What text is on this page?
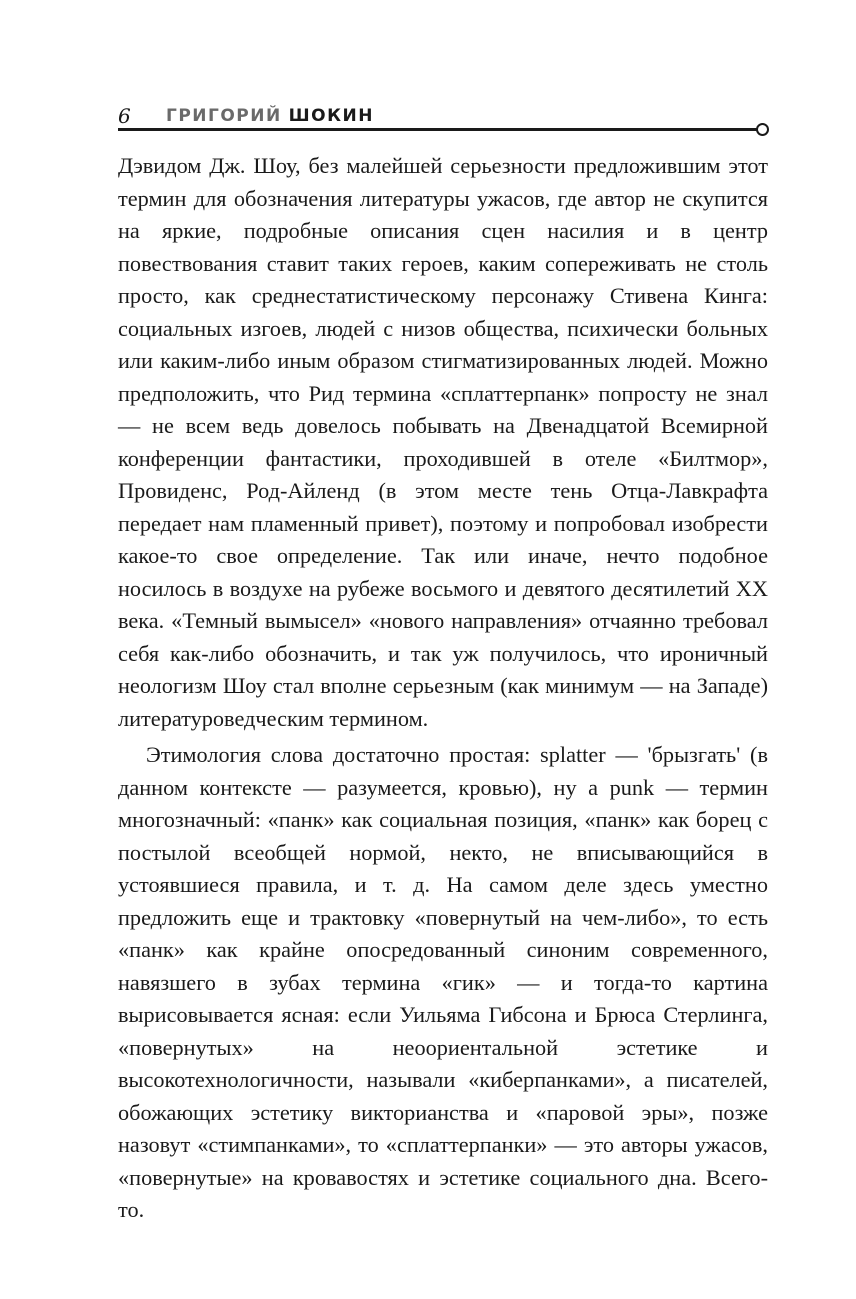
6 ГРИГОРИЙ ШОКИН

Дэвидом Дж. Шоу, без малейшей серьезности предложившим этот термин для обозначения литературы ужасов, где автор не скупится на яркие, подробные описания сцен насилия и в центр повествования ставит таких героев, каким сопереживать не столь просто, как среднестатистическому персонажу Стивена Кинга: социальных изгоев, людей с низов общества, психически больных или каким-либо иным образом стигматизированных людей. Можно предположить, что Рид термина «сплаттерпанк» попросту не знал — не всем ведь довелось побывать на Двенадцатой Всемирной конференции фантастики, проходившей в отеле «Билтмор», Провиденс, Род-Айленд (в этом месте тень Отца-Лавкрафта передает нам пламенный привет), поэтому и попробовал изобрести какое-то свое определение. Так или иначе, нечто подобное носилось в воздухе на рубеже восьмого и девятого десятилетий XX века. «Темный вымысел» «нового направления» отчаянно требовал себя как-либо обозначить, и так уж получилось, что ироничный неологизм Шоу стал вполне серьезным (как минимум — на Западе) литературоведческим термином.

Этимология слова достаточно простая: splatter — 'брызгать' (в данном контексте — разумеется, кровью), ну а punk — термин многозначный: «панк» как социальная позиция, «панк» как борец с постылой всеобщей нормой, некто, не вписывающийся в устоявшиеся правила, и т. д. На самом деле здесь уместно предложить еще и трактовку «повернутый на чем-либо», то есть «панк» как крайне опосредованный синоним современного, навязшего в зубах термина «гик» — и тогда-то картина вырисовывается ясная: если Уильяма Гибсона и Брюса Стерлинга, «повернутых» на неоориентальной эстетике и высокотехнологичности, называли «киберпанками», а писателей, обожающих эстетику викторианства и «паровой эры», позже назовут «стимпанками», то «сплаттерпанки» — это авторы ужасов, «повернутые» на кровавостях и эстетике социального дна. Всего-то.
